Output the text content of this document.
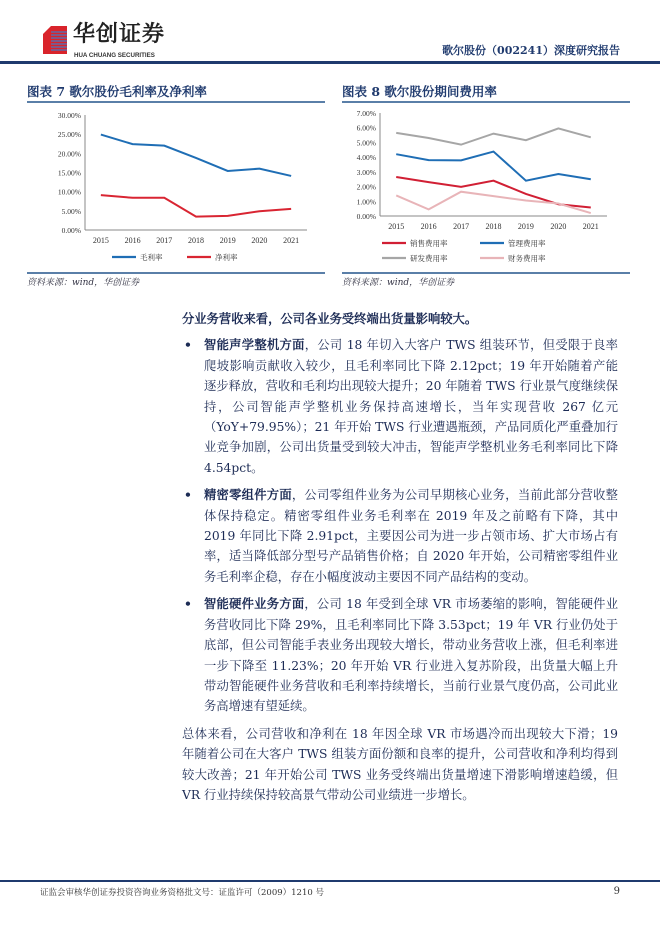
华创证券
HUA CHUANG SECURITIES	歌尔股份（002241）深度研究报告
图表 7 歌尔股份毛利率及净利率
0.00%
5.00%
10.00%
15.00%
20.00%
25.00%
30.00%
2015 2016 2017 2018 2019 2020 2021
毛利率	净利率
资料来源：wind，华创证券
图表 8 歌尔股份期间费用率
0.00%
1.00%
2.00%
3.00%
4.00%
5.00%
6.00%
7.00%
2015 2016 2017 2018 2019 2020 2021
销售费用率	管理费用率
研发费用率	财务费用率
资料来源：wind，华创证券

分业务营收来看，公司各业务受终端出货量影响较大。

• 智能声学整机方面，公司 18 年切入大客户 TWS 组装环节，但受限于良率爬坡影响贡献收入较少，且毛利率同比下降 2.12pct；19 年开始随着产能逐步释放，营收和毛利均出现较大提升；20 年随着 TWS 行业景气度继续保持，公司智能声学整机业务保持高速增长，当年实现营收 267 亿元（YoY+79.95%）；21 年开始 TWS 行业遭遇瓶颈，产品同质化严重叠加行业竞争加剧，公司出货量受到较大冲击，智能声学整机业务毛利率同比下降 4.54pct。
• 精密零组件方面，公司零组件业务为公司早期核心业务，当前此部分营收整体保持稳定。精密零组件业务毛利率在 2019 年及之前略有下降，其中 2019 年同比下降 2.91pct，主要因公司为进一步占领市场、扩大市场占有率，适当降低部分型号产品销售价格；自 2020 年开始，公司精密零组件业务毛利率企稳，存在小幅度波动主要因不同产品结构的变动。
• 智能硬件业务方面，公司 18 年受到全球 VR 市场萎缩的影响，智能硬件业务营收同比下降 29%，且毛利率同比下降 3.53pct；19 年 VR 行业仍处于底部，但公司智能手表业务出现较大增长，带动业务营收上涨，但毛利率进一步下降至 11.23%；20 年开始 VR 行业进入复苏阶段，出货量大幅上升带动智能硬件业务营收和毛利率持续增长，当前行业景气度仍高，公司此业务高增速有望延续。

总体来看，公司营收和净利在 18 年因全球 VR 市场遇冷而出现较大下滑；19 年随着公司在大客户 TWS 组装方面份额和良率的提升，公司营收和净利均得到较大改善；21 年开始公司 TWS 业务受终端出货量增速下滑影响增速趋缓，但 VR 行业持续保持较高景气带动公司业绩进一步增长。

证监会审核华创证券投资咨询业务资格批文号：证监许可（2009）1210 号	9
